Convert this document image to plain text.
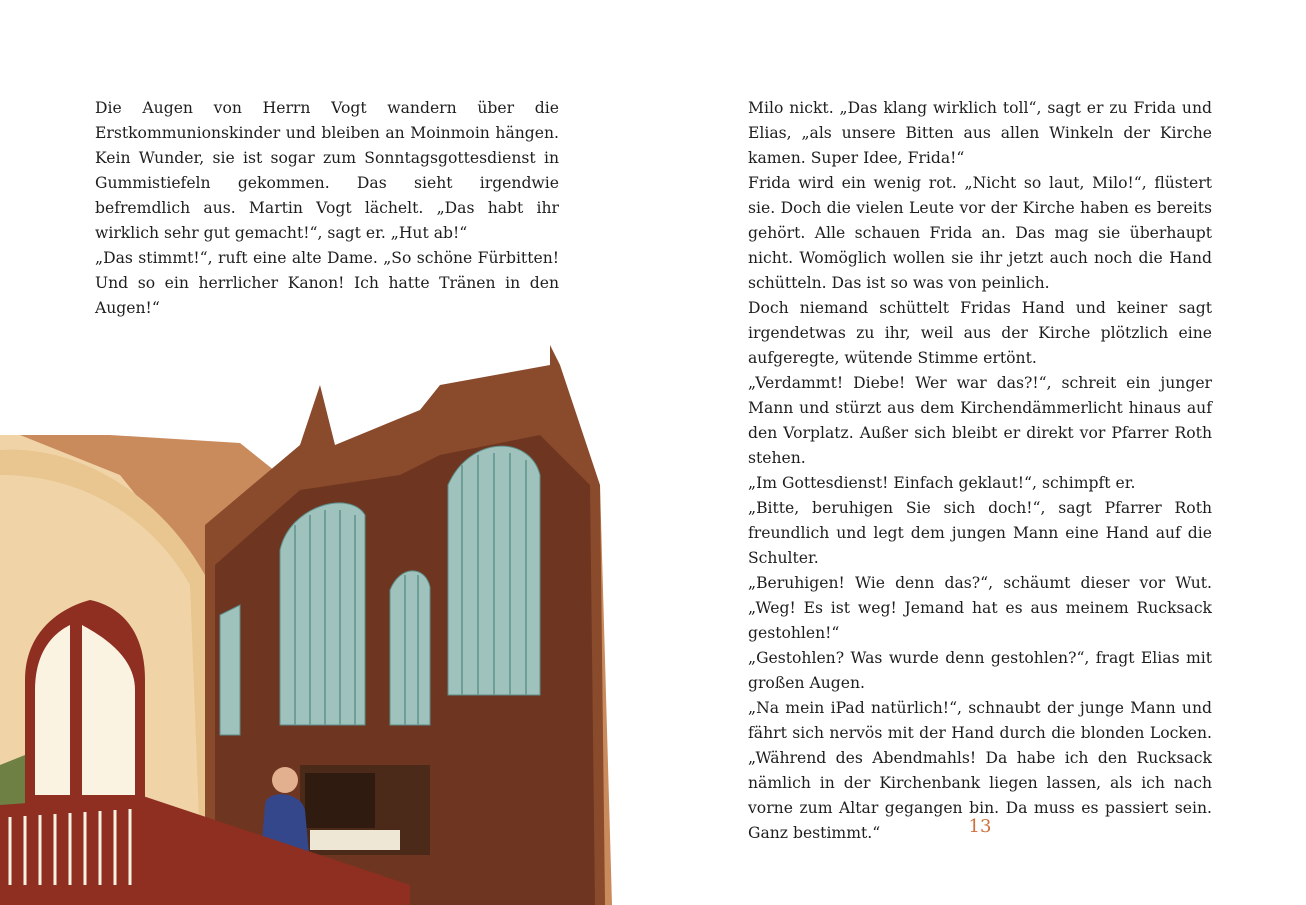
Die Augen von Herrn Vogt wandern über die Erstkommunionskinder und bleiben an Moinmoin hängen. Kein Wunder, sie ist sogar zum Sonntagsgottesdienst in Gummistiefeln gekommen. Das sieht irgendwie befremdlich aus. Martin Vogt lächelt. „Das habt ihr wirklich sehr gut gemacht!“, sagt er. „Hut ab!“

„Das stimmt!“, ruft eine alte Dame. „So schöne Fürbitten! Und so ein herrlicher Kanon! Ich hatte Tränen in den Augen!“

Milo nickt. „Das klang wirklich toll“, sagt er zu Frida und Elias, „als unsere Bitten aus allen Winkeln der Kirche kamen. Super Idee, Frida!“

Frida wird ein wenig rot. „Nicht so laut, Milo!“, flüstert sie. Doch die vielen Leute vor der Kirche haben es bereits gehört. Alle schauen Frida an. Das mag sie überhaupt nicht. Womöglich wollen sie ihr jetzt auch noch die Hand schütteln. Das ist so was von peinlich.

Doch niemand schüttelt Fridas Hand und keiner sagt irgendetwas zu ihr, weil aus der Kirche plötzlich eine aufgeregte, wütende Stimme ertönt.

„Verdammt! Diebe! Wer war das?!“, schreit ein junger Mann und stürzt aus dem Kirchendämmerlicht hinaus auf den Vorplatz. Außer sich bleibt er direkt vor Pfarrer Roth stehen.

„Im Gottesdienst! Einfach geklaut!“, schimpft er.

„Bitte, beruhigen Sie sich doch!“, sagt Pfarrer Roth freundlich und legt dem jungen Mann eine Hand auf die Schulter.

„Beruhigen! Wie denn das?“, schäumt dieser vor Wut. „Weg! Es ist weg! Jemand hat es aus meinem Rucksack gestohlen!“

„Gestohlen? Was wurde denn gestohlen?“, fragt Elias mit großen Augen.

„Na mein iPad natürlich!“, schnaubt der junge Mann und fährt sich nervös mit der Hand durch die blonden Locken. „Während des Abendmahls! Da habe ich den Rucksack nämlich in der Kirchenbank liegen lassen, als ich nach vorne zum Altar gegangen bin. Da muss es passiert sein. Ganz bestimmt.“	13
